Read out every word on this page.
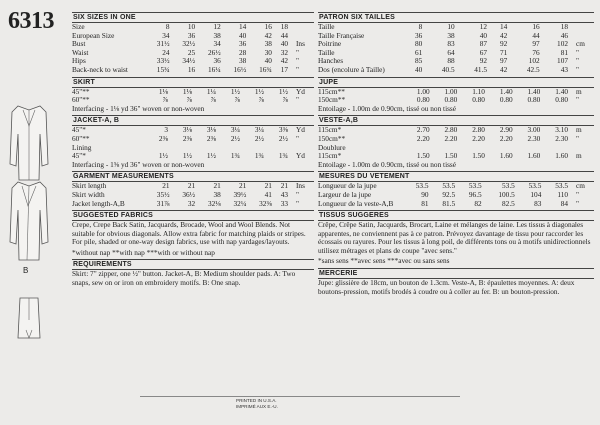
6313
B
SIX SIZES IN ONE
Size	8	10	12	14	16	18	
European Size	34	36	38	40	42	44	
Bust	31½	32½	34	36	38	40	Ins
Waist	24	25	26½	28	30	32	"
Hips	33½	34½	36	38	40	42	"
Back-neck to waist	15¾	16	16¼	16½	16¾	17	"
SKIRT
45"**	1⅛	1⅛	1¼	1½	1½	1½	Yd
60"**	⅞	⅞	⅞	⅞	⅞	⅞	"
Interfacing - 1⅛ yd 36" woven or non-woven
JACKET-A, B
45"*	3	3⅛	3⅛	3¼	3¼	3⅜	Yd
60"**	2⅜	2⅜	2⅜	2½	2½	2½	"
Lining
45"*	1½	1½	1½	1¾	1¾	1¾	Yd
Interfacing - 1⅝ yd 36" woven or non-woven
GARMENT MEASUREMENTS
Skirt length	21	21	21	21	21	21	Ins
Skirt width	35½	36½	38	39½	41	43	"
Jacket length-A,B	31⅞	32	32⅛	32¼	32⅜	33	"
SUGGESTED FABRICS
Crepe, Crepe Back Satin, Jacquards, Brocade, Wool and Wool Blends. Not suitable for obvious diagonals. Allow extra fabric for matching plaids or stripes. For pile, shaded or one-way design fabrics, use with nap yardages/layouts.
*without nap **with nap ***with or without nap
REQUIREMENTS
Skirt: 7" zipper, one ½" button. Jacket-A, B: Medium shoulder pads. A: Two snaps, sew on or iron on embroidery motifs. B: One snap.
PATRON SIX TAILLES
Taille	8	10	12	14	16	18	
Taille Française	36	38	40	42	44	46	
Poitrine	80	83	87	92	97	102	cm
Taille	61	64	67	71	76	81	"
Hanches	85	88	92	97	102	107	"
Dos (encolure à Taille)	40	40.5	41.5	42	42.5	43	"
JUPE
115cm**	1.00	1.00	1.10	1.40	1.40	1.40	m
150cm**	0.80	0.80	0.80	0.80	0.80	0.80	"
Entoilage - 1.00m de 0.90cm, tissé ou non tissé
VESTE-A,B
115cm*	2.70	2.80	2.80	2.90	3.00	3.10	m
150cm**	2.20	2.20	2.20	2.20	2.30	2.30	"
Doublure
115cm*	1.50	1.50	1.50	1.60	1.60	1.60	m
Entoilage - 1.00m de 0.90cm, tissé ou non tissé
MESURES DU VETEMENT
Longueur de la jupe	53.5	53.5	53.5	53.5	53.5	53.5	cm
Largeur de la jupe	90	92.5	96.5	100.5	104	110	"
Longueur de la veste-A,B	81	81.5	82	82.5	83	84	"
TISSUS SUGGERES
Crêpe, Crêpe Satin, Jacquards, Brocart, Laine et mélanges de laine. Les tissus à diagonales apparentes, ne conviennent pas à ce patron. Prévoyez davantage de tissu pour raccorder les écossais ou rayures. Pour les tissus à long poil, de différents tons ou à motifs unidirectionnels utilisez métrages et plans de coupe "avec sens."
*sans sens **avec sens ***avec ou sans sens
MERCERIE
Jupe: glissière de 18cm, un bouton de 1.3cm. Veste-A, B: épaulettes moyennes. A: deux boutons-pression, motifs brodés à coudre ou à coller au fer. B: un bouton-pression.
PRINTED IN U.S.A.
IMPRIMÉ AUX E.-U.
